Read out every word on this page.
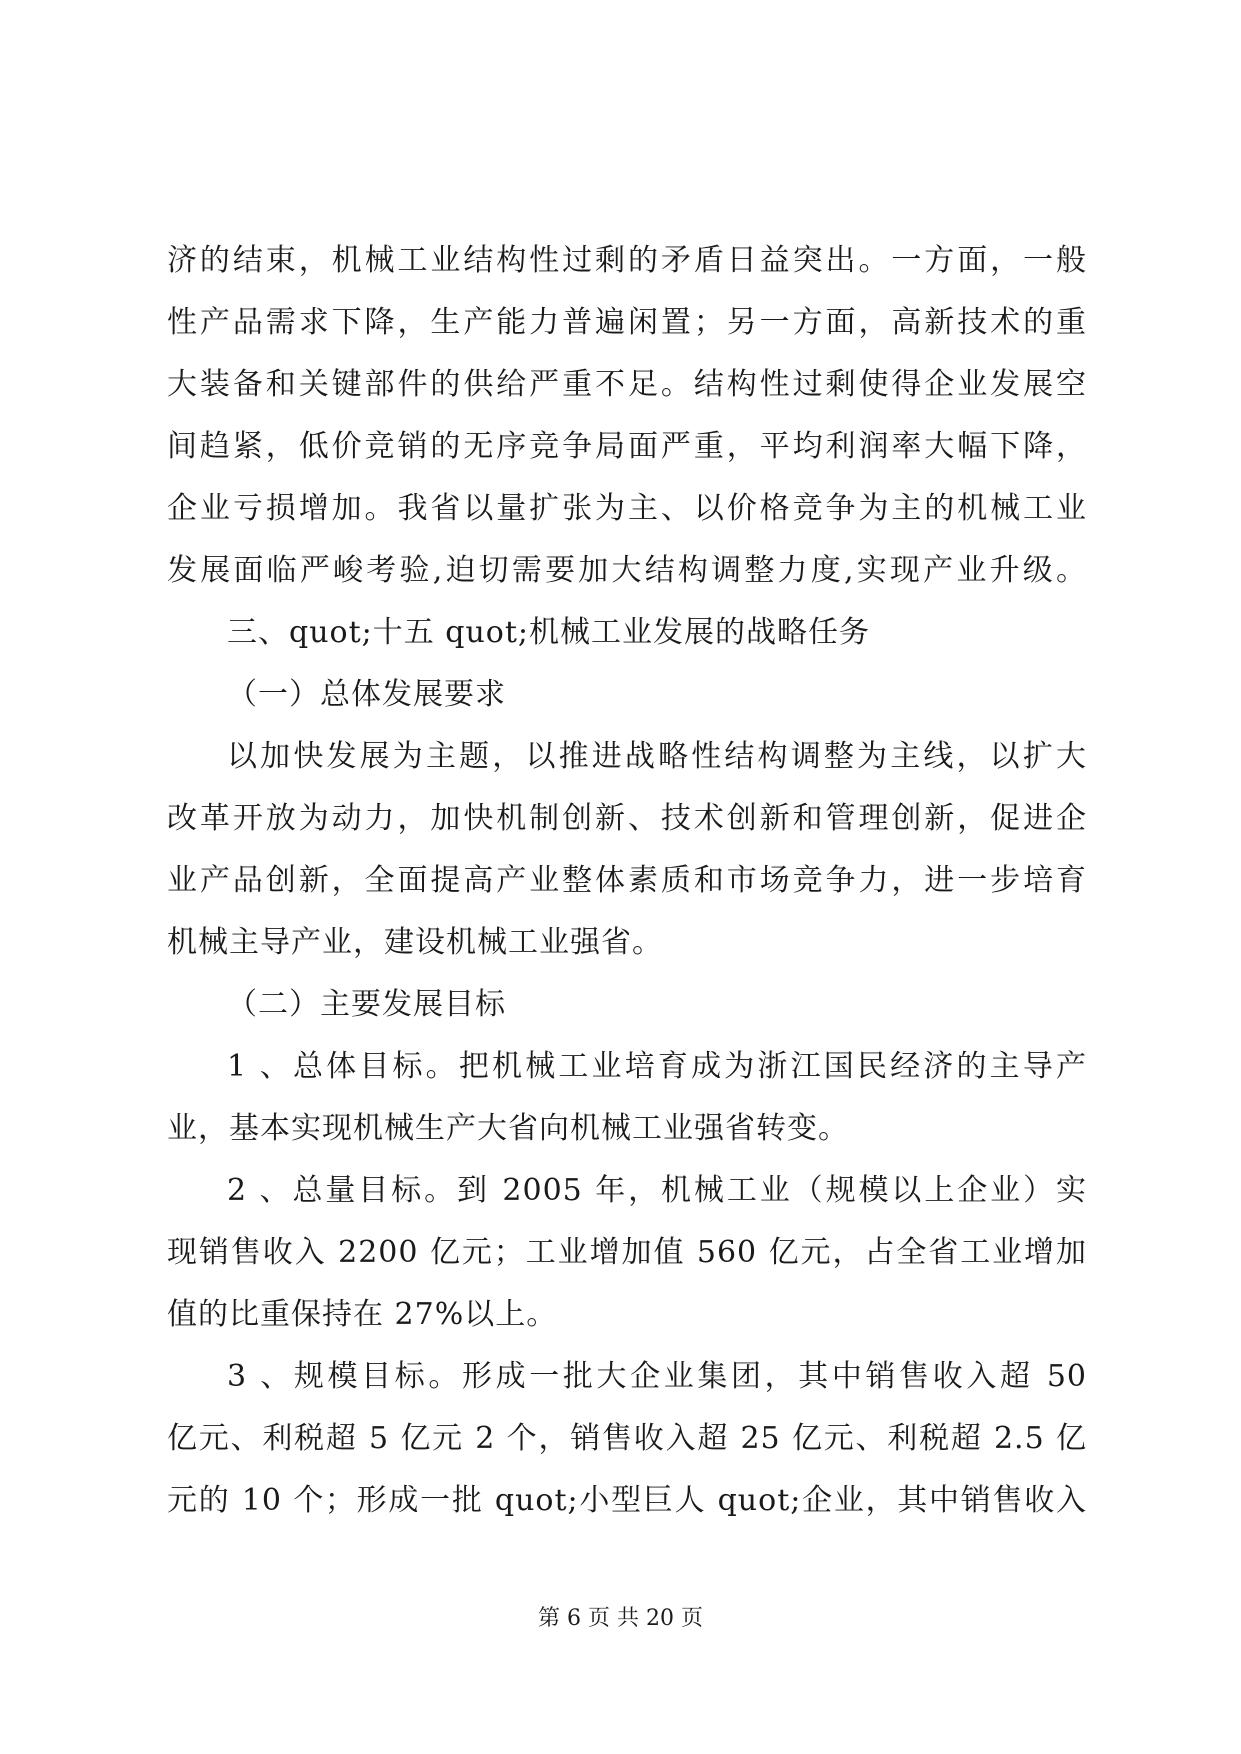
济的结束，机械工业结构性过剩的矛盾日益突出。一方面，一般
性产品需求下降，生产能力普遍闲置；另一方面，高新技术的重
大装备和关键部件的供给严重不足。结构性过剩使得企业发展空
间趋紧，低价竞销的无序竞争局面严重，平均利润率大幅下降，
企业亏损增加。我省以量扩张为主、以价格竞争为主的机械工业
发展面临严峻考验,迫切需要加大结构调整力度,实现产业升级。
三、quot;十五 quot;机械工业发展的战略任务
（一）总体发展要求
以加快发展为主题，以推进战略性结构调整为主线，以扩大
改革开放为动力，加快机制创新、技术创新和管理创新，促进企
业产品创新，全面提高产业整体素质和市场竞争力，进一步培育
机械主导产业，建设机械工业强省。
（二）主要发展目标
1 、总体目标。把机械工业培育成为浙江国民经济的主导产
业，基本实现机械生产大省向机械工业强省转变。
2 、总量目标。到 2005 年，机械工业（规模以上企业）实
现销售收入 2200 亿元；工业增加值 560 亿元，占全省工业增加
值的比重保持在 27%以上。
3 、规模目标。形成一批大企业集团，其中销售收入超 50
亿元、利税超 5 亿元 2 个，销售收入超 25 亿元、利税超 2.5 亿
元的 10 个；形成一批 quot;小型巨人 quot;企业，其中销售收入
第 6 页 共 20 页
